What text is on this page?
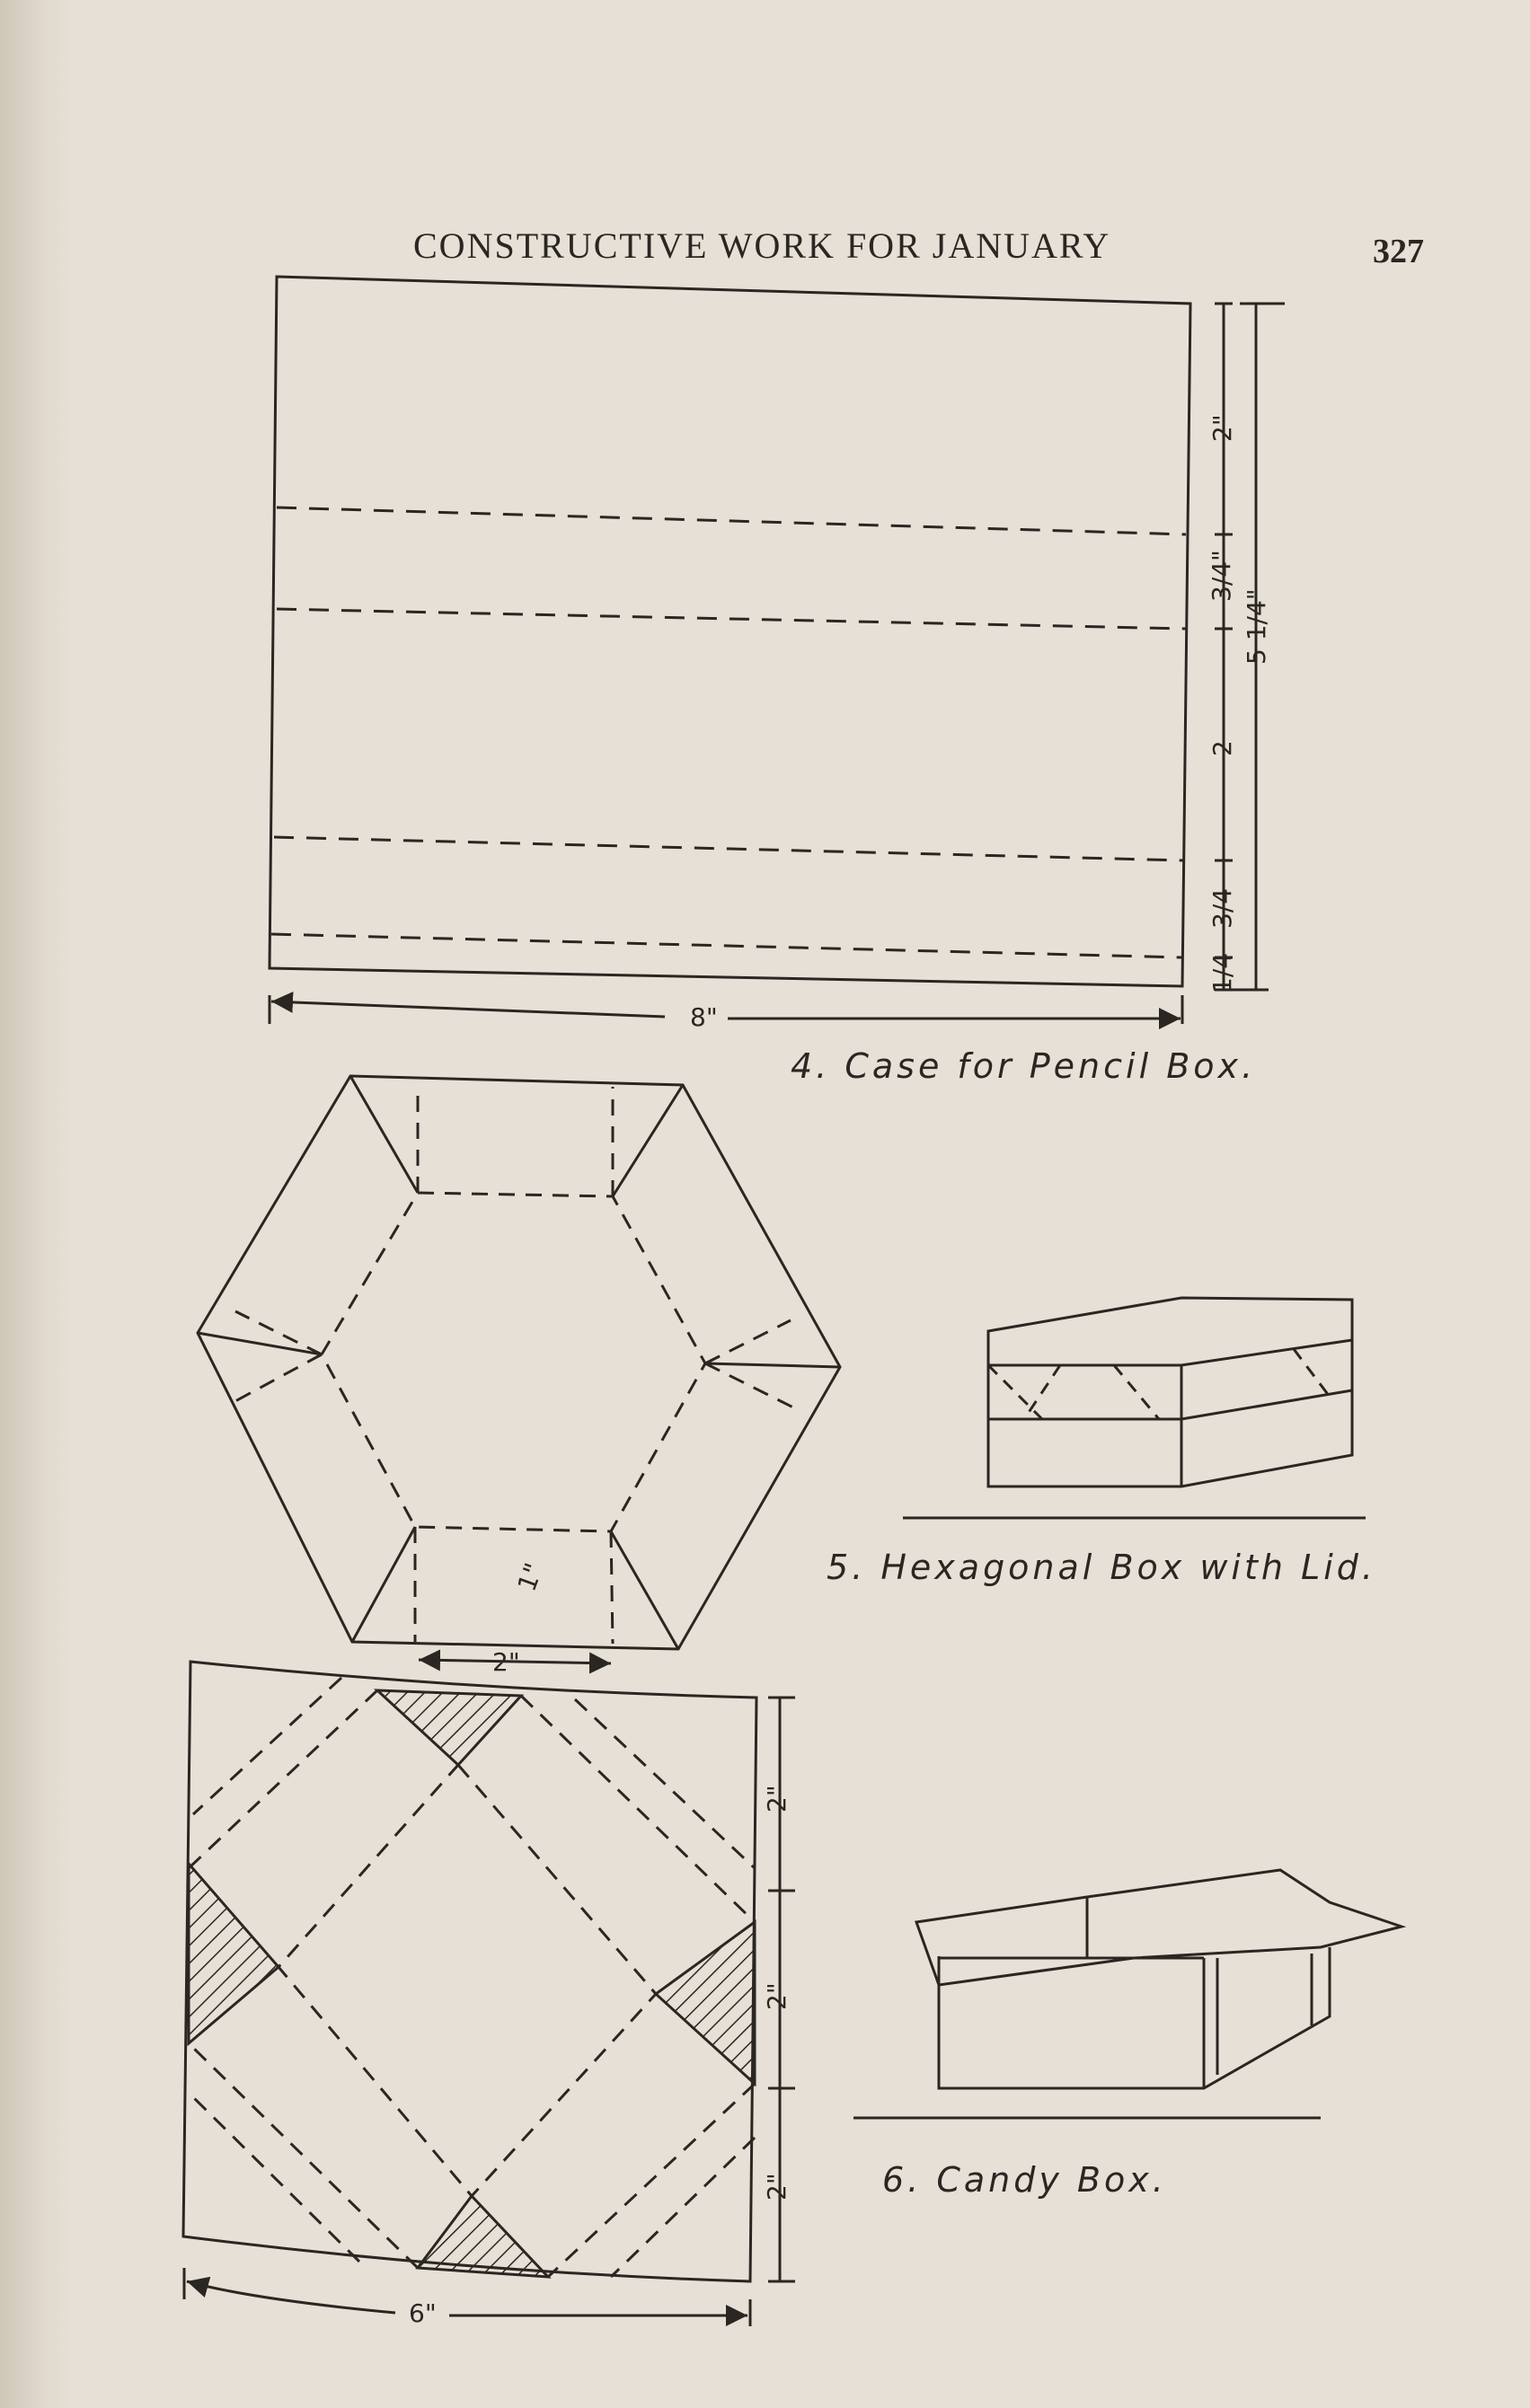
CONSTRUCTIVE WORK FOR JANUARY	327
8"
2"
3/4"
2
3/4
1/4
5 1/4"
4. Case for Pencil Box.
2"
1"	5. Hexagonal Box with Lid.
6"
2"
2"
2"	6. Candy Box.
